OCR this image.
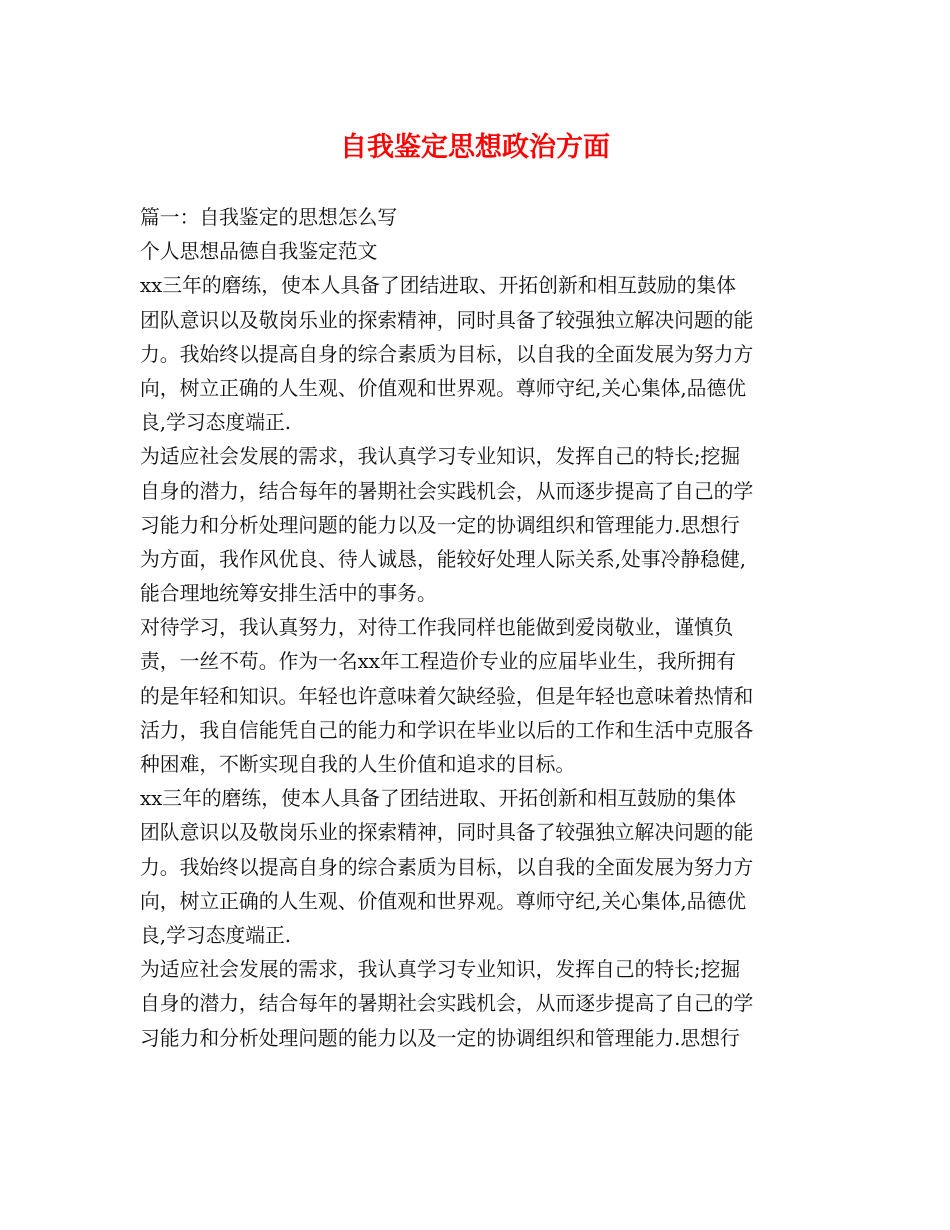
自我鉴定思想政治方面
篇一：自我鉴定的思想怎么写
个人思想品德自我鉴定范文
xx三年的磨练，使本人具备了团结进取、开拓创新和相互鼓励的集体
团队意识以及敬岗乐业的探索精神，同时具备了较强独立解决问题的能
力。我始终以提高自身的综合素质为目标，以自我的全面发展为努力方
向，树立正确的人生观、价值观和世界观。尊师守纪,关心集体,品德优
良,学习态度端正.
为适应社会发展的需求，我认真学习专业知识，发挥自己的特长;挖掘
自身的潜力，结合每年的暑期社会实践机会，从而逐步提高了自己的学
习能力和分析处理问题的能力以及一定的协调组织和管理能力.思想行
为方面，我作风优良、待人诚恳，能较好处理人际关系,处事冷静稳健,
能合理地统筹安排生活中的事务。
对待学习，我认真努力，对待工作我同样也能做到爱岗敬业，谨慎负
责，一丝不苟。作为一名xx年工程造价专业的应届毕业生，我所拥有
的是年轻和知识。年轻也许意味着欠缺经验，但是年轻也意味着热情和
活力，我自信能凭自己的能力和学识在毕业以后的工作和生活中克服各
种困难，不断实现自我的人生价值和追求的目标。
xx三年的磨练，使本人具备了团结进取、开拓创新和相互鼓励的集体
团队意识以及敬岗乐业的探索精神，同时具备了较强独立解决问题的能
力。我始终以提高自身的综合素质为目标，以自我的全面发展为努力方
向，树立正确的人生观、价值观和世界观。尊师守纪,关心集体,品德优
良,学习态度端正.
为适应社会发展的需求，我认真学习专业知识，发挥自己的特长;挖掘
自身的潜力，结合每年的暑期社会实践机会，从而逐步提高了自己的学
习能力和分析处理问题的能力以及一定的协调组织和管理能力.思想行
